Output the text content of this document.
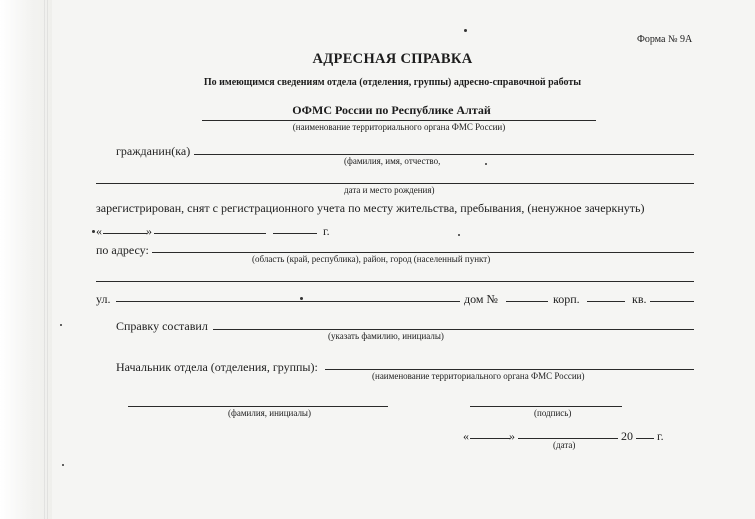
Форма № 9А
АДРЕСНАЯ СПРАВКА
По имеющимся сведениям отдела (отделения, группы) адресно-справочной работы
ОФМС России по Республике Алтай
(наименование территориального органа ФМС России)
гражданин(ка)
(фамилия, имя, отчество,
дата и место рождения)
зарегистрирован, снят с регистрационного учета по месту жительства, пребывания, (ненужное зачеркнуть)
«	»	г.
по адресу:
(область (край, республика), район, город (населенный пункт)
ул.	дом №	корп.	кв.
Справку составил
(указать фамилию, инициалы)
Начальник отдела (отделения, группы):
(наименование территориального органа ФМС России)
(фамилия, инициалы)	(подпись)
«	»	20 г.
(дата)
